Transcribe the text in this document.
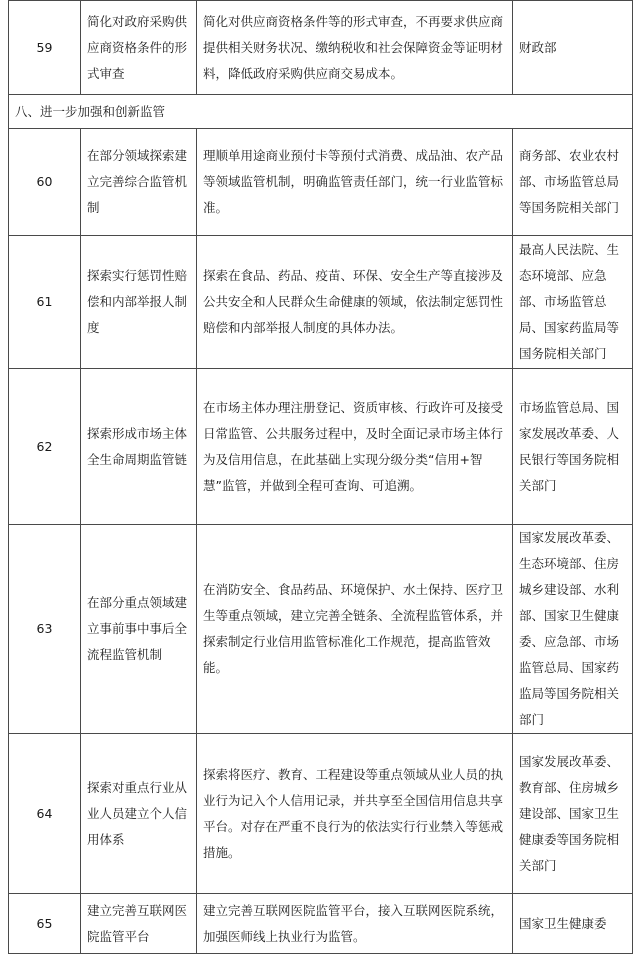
59	简化对政府采购供应商资格条件的形式审查	简化对供应商资格条件等的形式审查，不再要求供应商提供相关财务状况、缴纳税收和社会保障资金等证明材料，降低政府采购供应商交易成本。	财政部
八、进一步加强和创新监管			
60	在部分领域探索建立完善综合监管机制	理顺单用途商业预付卡等预付式消费、成品油、农产品等领域监管机制，明确监管责任部门，统一行业监管标准。	商务部、农业农村部、市场监管总局等国务院相关部门
61	探索实行惩罚性赔偿和内部举报人制度	探索在食品、药品、疫苗、环保、安全生产等直接涉及公共安全和人民群众生命健康的领域，依法制定惩罚性赔偿和内部举报人制度的具体办法。	最高人民法院、生态环境部、应急部、市场监管总局、国家药监局等国务院相关部门
62	探索形成市场主体全生命周期监管链	在市场主体办理注册登记、资质审核、行政许可及接受日常监管、公共服务过程中，及时全面记录市场主体行为及信用信息，在此基础上实现分级分类“信用+智慧”监管，并做到全程可查询、可追溯。	市场监管总局、国家发展改革委、人民银行等国务院相关部门
63	在部分重点领域建立事前事中事后全流程监管机制	在消防安全、食品药品、环境保护、水土保持、医疗卫生等重点领域，建立完善全链条、全流程监管体系，并探索制定行业信用监管标准化工作规范，提高监管效能。	国家发展改革委、生态环境部、住房城乡建设部、水利部、国家卫生健康委、应急部、市场监管总局、国家药监局等国务院相关部门
64	探索对重点行业从业人员建立个人信用体系	探索将医疗、教育、工程建设等重点领域从业人员的执业行为记入个人信用记录，并共享至全国信用信息共享平台。对存在严重不良行为的依法实行行业禁入等惩戒措施。	国家发展改革委、教育部、住房城乡建设部、国家卫生健康委等国务院相关部门
65	建立完善互联网医院监管平台	建立完善互联网医院监管平台，接入互联网医院系统，加强医师线上执业行为监管。	国家卫生健康委
